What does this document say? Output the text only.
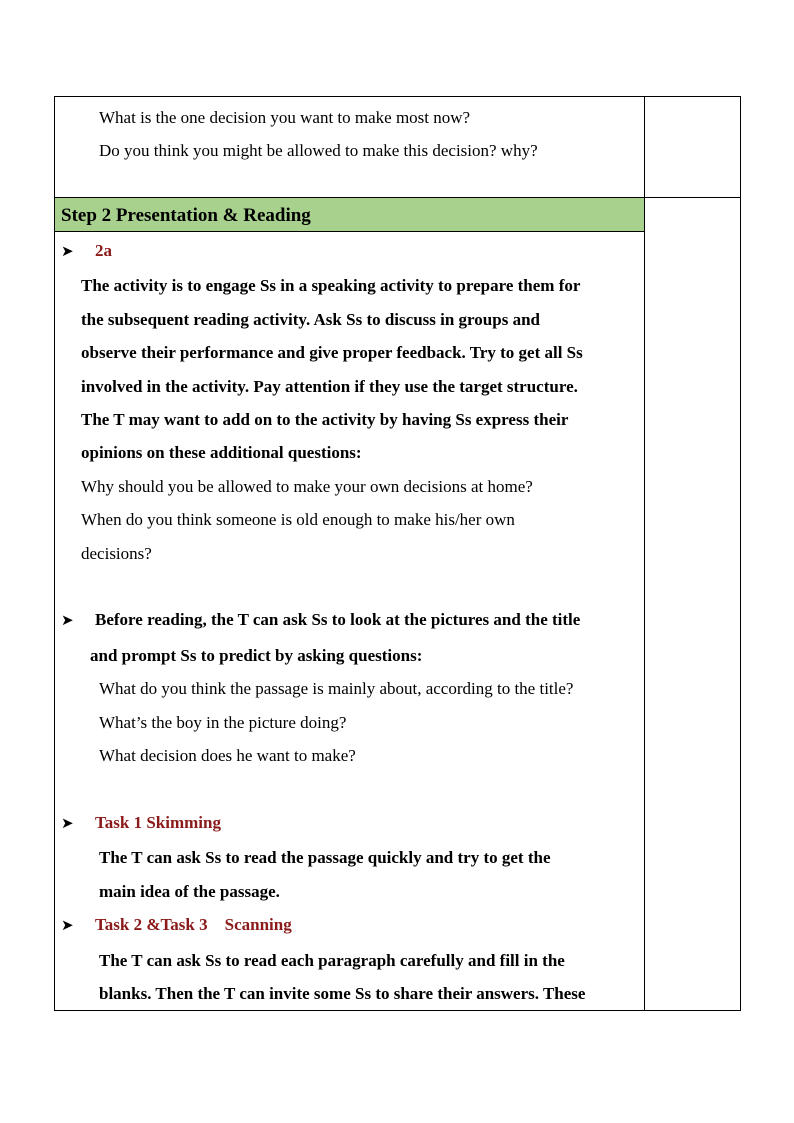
What is the one decision you want to make most now?
Do you think you might be allowed to make this decision? why?	

Step 2 Presentation & Reading
➤	2a
The activity is to engage Ss in a speaking activity to prepare them for
the subsequent reading activity. Ask Ss to discuss in groups and
observe their performance and give proper feedback. Try to get all Ss
involved in the activity. Pay attention if they use the target structure.
The T may want to add on to the activity by having Ss express their
opinions on these additional questions:
Why should you be allowed to make your own decisions at home?
When do you think someone is old enough to make his/her own
decisions?
➤	Before reading, the T can ask Ss to look at the pictures and the title
and prompt Ss to predict by asking questions:
What do you think the passage is mainly about, according to the title?
What’s the boy in the picture doing?
What decision does he want to make?
➤	Task 1 Skimming
The T can ask Ss to read the passage quickly and try to get the
main idea of the passage.
➤	Task 2 &Task 3    Scanning
The T can ask Ss to read each paragraph carefully and fill in the
blanks. Then the T can invite some Ss to share their answers. These
